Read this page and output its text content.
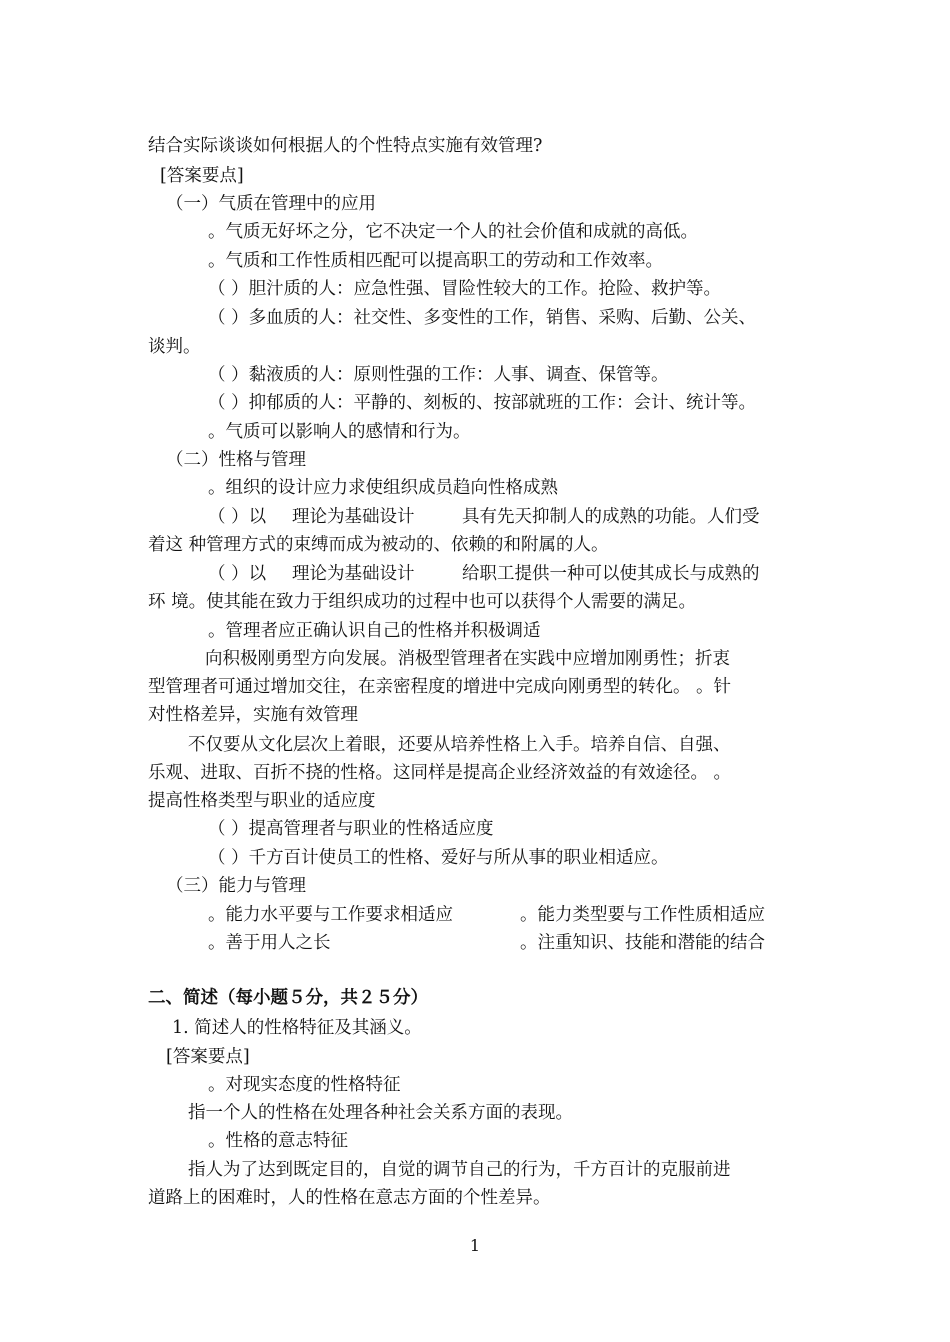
结合实际谈谈如何根据人的个性特点实施有效管理?
[答案要点]
（一）气质在管理中的应用
。气质无好坏之分，它不决定一个人的社会价值和成就的高低。
。气质和工作性质相匹配可以提高职工的劳动和工作效率。
（ ）胆汁质的人：应急性强、冒险性较大的工作。抢险、救护等。
（ ）多血质的人：社交性、多变性的工作，销售、采购、后勤、公关、
谈判。
（ ）黏液质的人：原则性强的工作：人事、调查、保管等。
（ ）抑郁质的人：平静的、刻板的、按部就班的工作：会计、统计等。
。气质可以影响人的感情和行为。
（二）性格与管理
。组织的设计应力求使组织成员趋向性格成熟
（ ）以 理论为基础设计	具有先天抑制人的成熟的功能。人们受
着这 种管理方式的束缚而成为被动的、依赖的和附属的人。
（ ）以 理论为基础设计	给职工提供一种可以使其成长与成熟的
环 境。使其能在致力于组织成功的过程中也可以获得个人需要的满足。
。管理者应正确认识自己的性格并积极调适
向积极刚勇型方向发展。消极型管理者在实践中应增加刚勇性；折衷
型管理者可通过增加交往，在亲密程度的增进中完成向刚勇型的转化。 。针
对性格差异，实施有效管理
不仅要从文化层次上着眼，还要从培养性格上入手。培养自信、自强、
乐观、进取、百折不挠的性格。这同样是提高企业经济效益的有效途径。 。
提高性格类型与职业的适应度
（ ）提高管理者与职业的性格适应度
（ ）千方百计使员工的性格、爱好与所从事的职业相适应。
（三）能力与管理
。能力水平要与工作要求相适应	。能力类型要与工作性质相适应
。善于用人之长	。注重知识、技能和潜能的结合
二、简述（每小题５分，共２５分）
1. 简述人的性格特征及其涵义。
[答案要点]
。对现实态度的性格特征
指一个人的性格在处理各种社会关系方面的表现。
。性格的意志特征
指人为了达到既定目的，自觉的调节自己的行为，千方百计的克服前进
道路上的困难时，人的性格在意志方面的个性差异。
1
